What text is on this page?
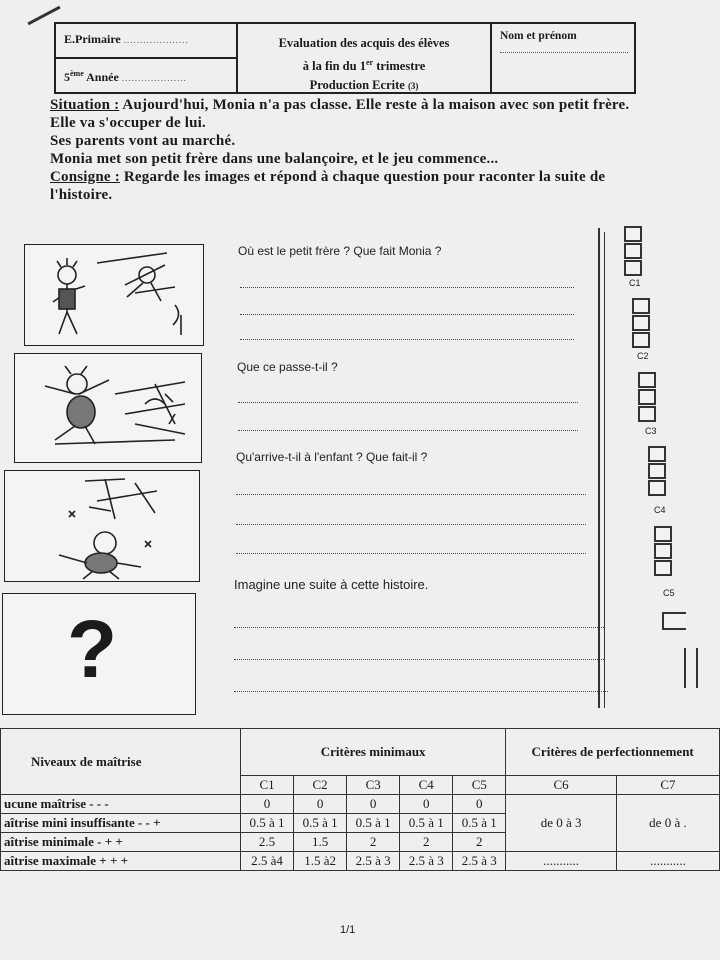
E.Primaire ....................
5ème Année ....................
Evaluation des acquis des élèves
à la fin du 1er trimestre
Production Ecrite (3)
Nom et prénom
Situation : Aujourd'hui, Monia n'a pas classe. Elle reste à la maison avec son petit frère. Elle va s'occuper de lui.
Ses parents vont au marché.
Monia met son petit frère dans une balançoire, et le jeu commence...
Consigne : Regarde les images et répond à chaque question pour raconter la suite de l'histoire.
?
Où est le petit frère ? Que fait Monia ?
Que ce passe-t-il ?
Qu'arrive-t-il à l'enfant ? Que fait-il ?
Imagine une suite à cette histoire.
C1
C2
C3
C4
C5
Niveaux de maîtrise	Critères minimaux					Critères de perfectionnement	
	C1	C2	C3	C4	C5	C6	C7
ucune maîtrise - - -	0	0	0	0	0	de 0 à 3	de 0 à .
aîtrise mini insuffisante - - +	0.5 à 1	0.5 à 1	0.5 à 1	0.5 à 1	0.5 à 1		
aîtrise minimale - + +	2.5	1.5	2	2	2		
aîtrise maximale + + +	2.5 à4	1.5 à2	2.5 à 3	2.5 à 3	2.5 à 3	...........	...........
1/1
